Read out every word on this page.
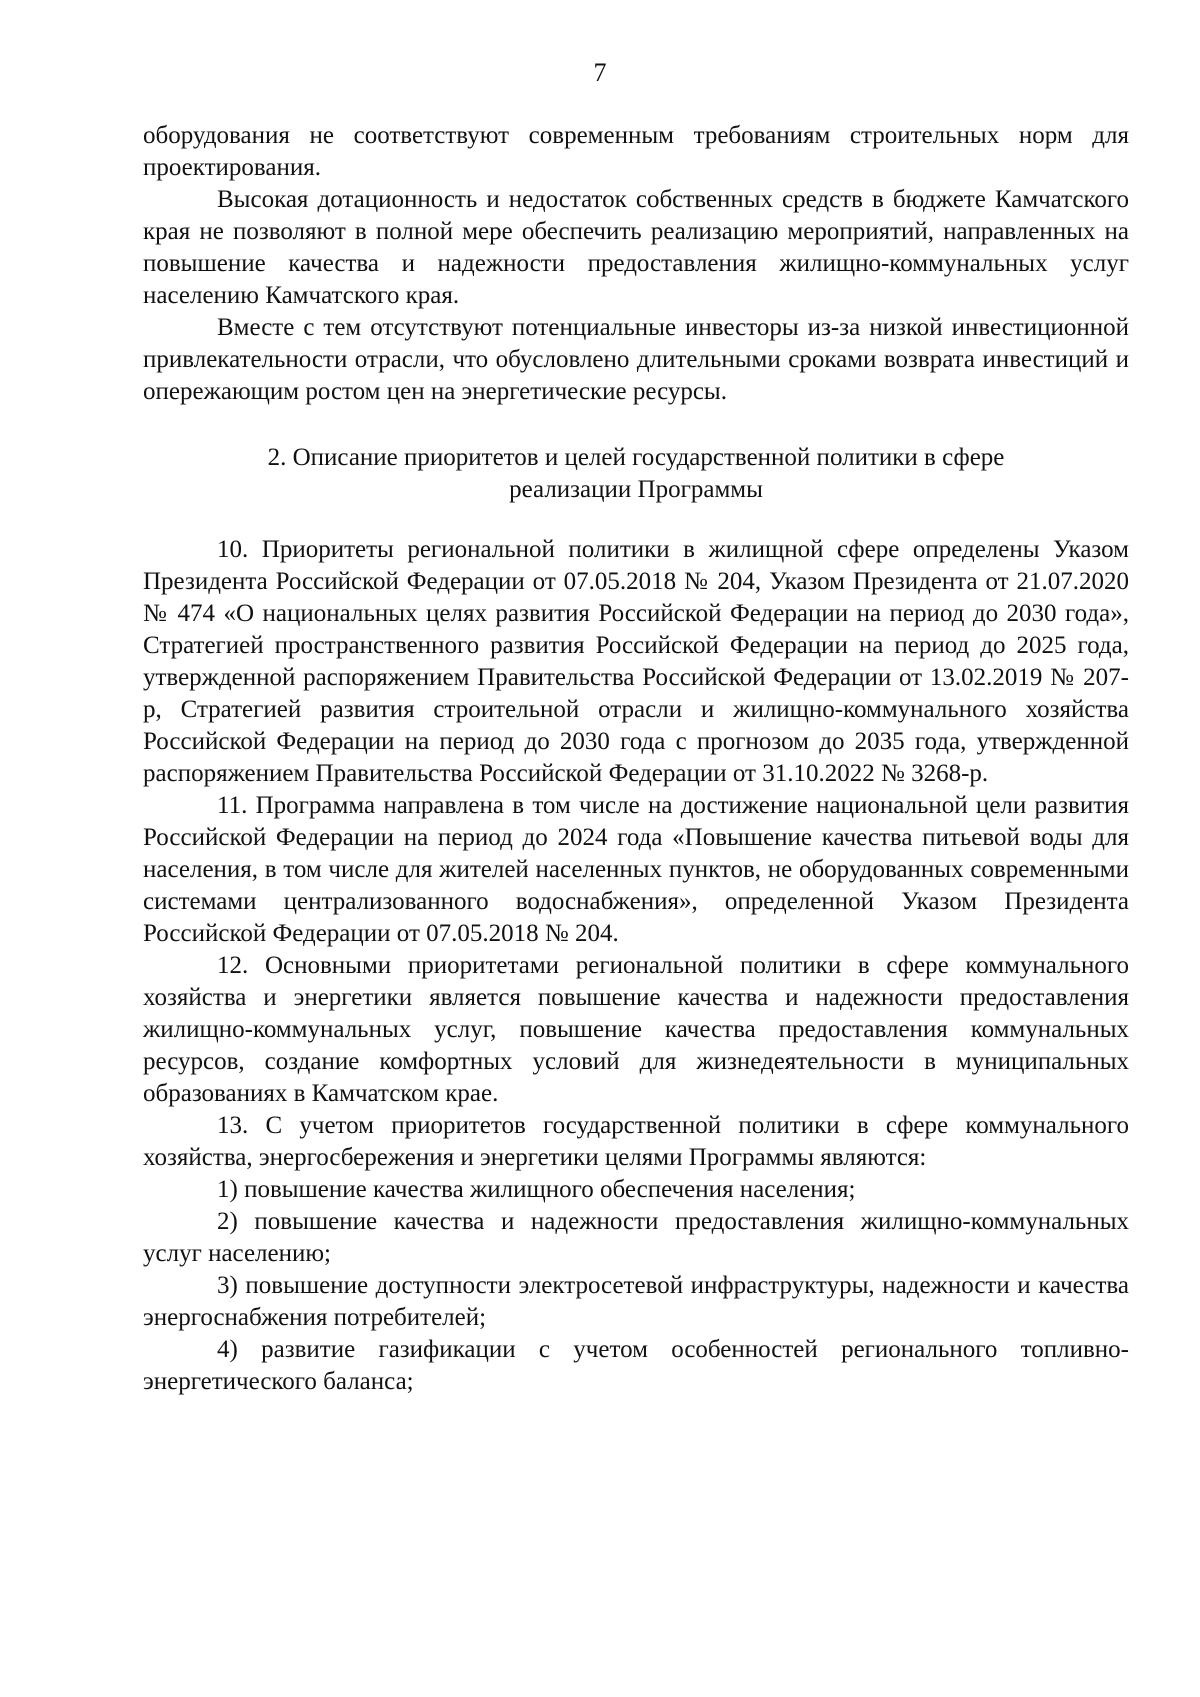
7

оборудования не соответствуют современным требованиям строительных норм для проектирования.

Высокая дотационность и недостаток собственных средств в бюджете Камчатского края не позволяют в полной мере обеспечить реализацию мероприятий, направленных на повышение качества и надежности предоставления жилищно-коммунальных услуг населению Камчатского края.

Вместе с тем отсутствуют потенциальные инвесторы из-за низкой инвестиционной привлекательности отрасли, что обусловлено длительными сроками возврата инвестиций и опережающим ростом цен на энергетические ресурсы.

2. Описание приоритетов и целей государственной политики в сфере
реализации Программы

10. Приоритеты региональной политики в жилищной сфере определены Указом Президента Российской Федерации от 07.05.2018 № 204, Указом Президента от 21.07.2020 № 474 «О национальных целях развития Российской Федерации на период до 2030 года», Стратегией пространственного развития Российской Федерации на период до 2025 года, утвержденной распоряжением Правительства Российской Федерации от 13.02.2019 № 207-р, Стратегией развития строительной отрасли и жилищно-коммунального хозяйства Российской Федерации на период до 2030 года с прогнозом до 2035 года, утвержденной распоряжением Правительства Российской Федерации от 31.10.2022 № 3268-р.

11. Программа направлена в том числе на достижение национальной цели развития Российской Федерации на период до 2024 года «Повышение качества питьевой воды для населения, в том числе для жителей населенных пунктов, не оборудованных современными системами централизованного водоснабжения», определенной Указом Президента Российской Федерации от 07.05.2018 № 204.

12. Основными приоритетами региональной политики в сфере коммунального хозяйства и энергетики является повышение качества и надежности предоставления жилищно-коммунальных услуг, повышение качества предоставления коммунальных ресурсов, создание комфортных условий для жизнедеятельности в муниципальных образованиях в Камчатском крае.

13. С учетом приоритетов государственной политики в сфере коммунального хозяйства, энергосбережения и энергетики целями Программы являются:

1) повышение качества жилищного обеспечения населения;

2) повышение качества и надежности предоставления жилищно-коммунальных услуг населению;

3) повышение доступности электросетевой инфраструктуры, надежности и качества энергоснабжения потребителей;

4) развитие газификации с учетом особенностей регионального топливно-энергетического баланса;
